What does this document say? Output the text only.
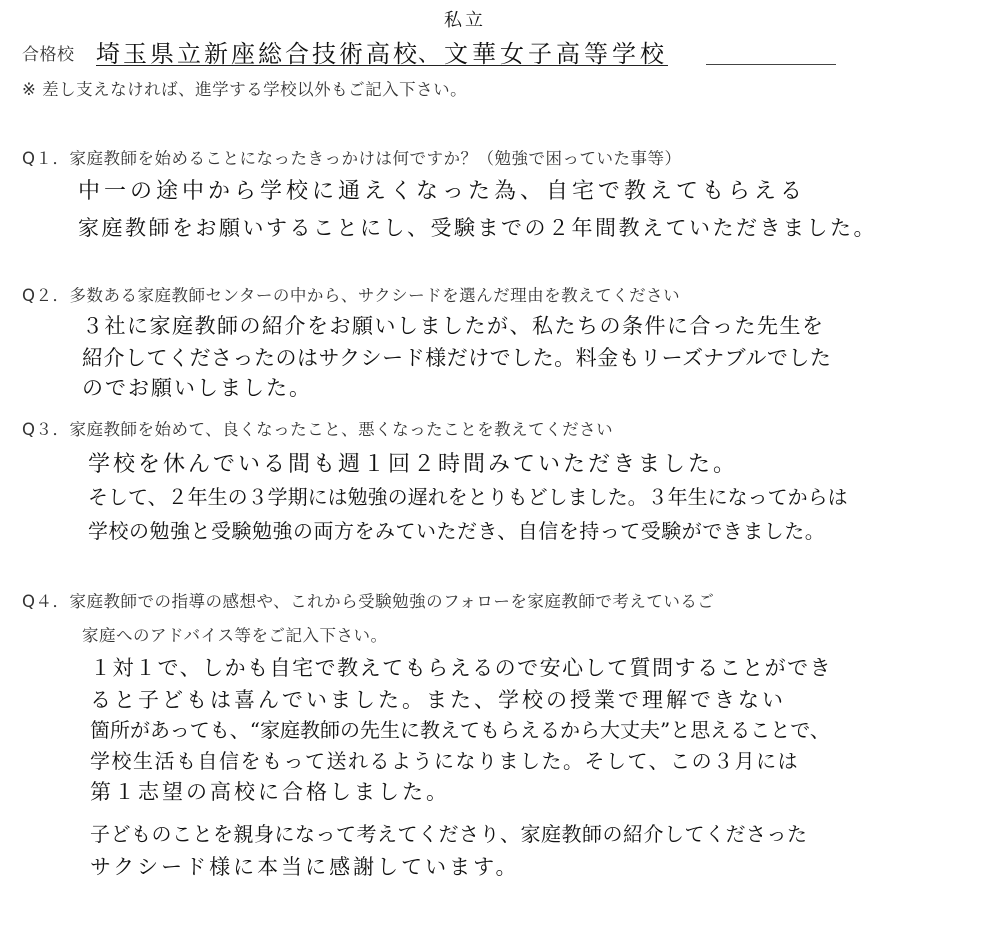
合格校 埼玉県立新座総合技術高校
、
私立
文華女子高等学校
※ 差し支えなければ、進学する学校以外もご記入下さい。
Q１．家庭教師を始めることになったきっかけは何ですか？（勉強で困っていた事等）
中一の途中から学校に通えくなった為、自宅で教えてもらえる
家庭教師をお願いすることにし、受験までの２年間教えていただきました。
Q２．多数ある家庭教師センターの中から、サクシードを選んだ理由を教えてください
３社に家庭教師の紹介をお願いしましたが、私たちの条件に合った先生を
紹介してくださったのはサクシード様だけでした。料金もリーズナブルでした
のでお願いしました。
Q３．家庭教師を始めて、良くなったこと、悪くなったことを教えてください
学校を休んでいる間も週１回２時間みていただきました。
そして、２年生の３学期には勉強の遅れをとりもどしました。３年生になってからは
学校の勉強と受験勉強の両方をみていただき、自信を持って受験ができました。
Q４．家庭教師での指導の感想や、これから受験勉強のフォローを家庭教師で考えているご
家庭へのアドバイス等をご記入下さい。
１対１で、しかも自宅で教えてもらえるので安心して質問することができ
ると子どもは喜んでいました。また、学校の授業で理解できない
箇所があっても、“家庭教師の先生に教えてもらえるから大丈夫”と思えることで、
学校生活も自信をもって送れるようになりました。そして、この３月には
第１志望の高校に合格しました。
子どものことを親身になって考えてくださり、家庭教師の紹介してくださった
サクシード様に本当に感謝しています。
